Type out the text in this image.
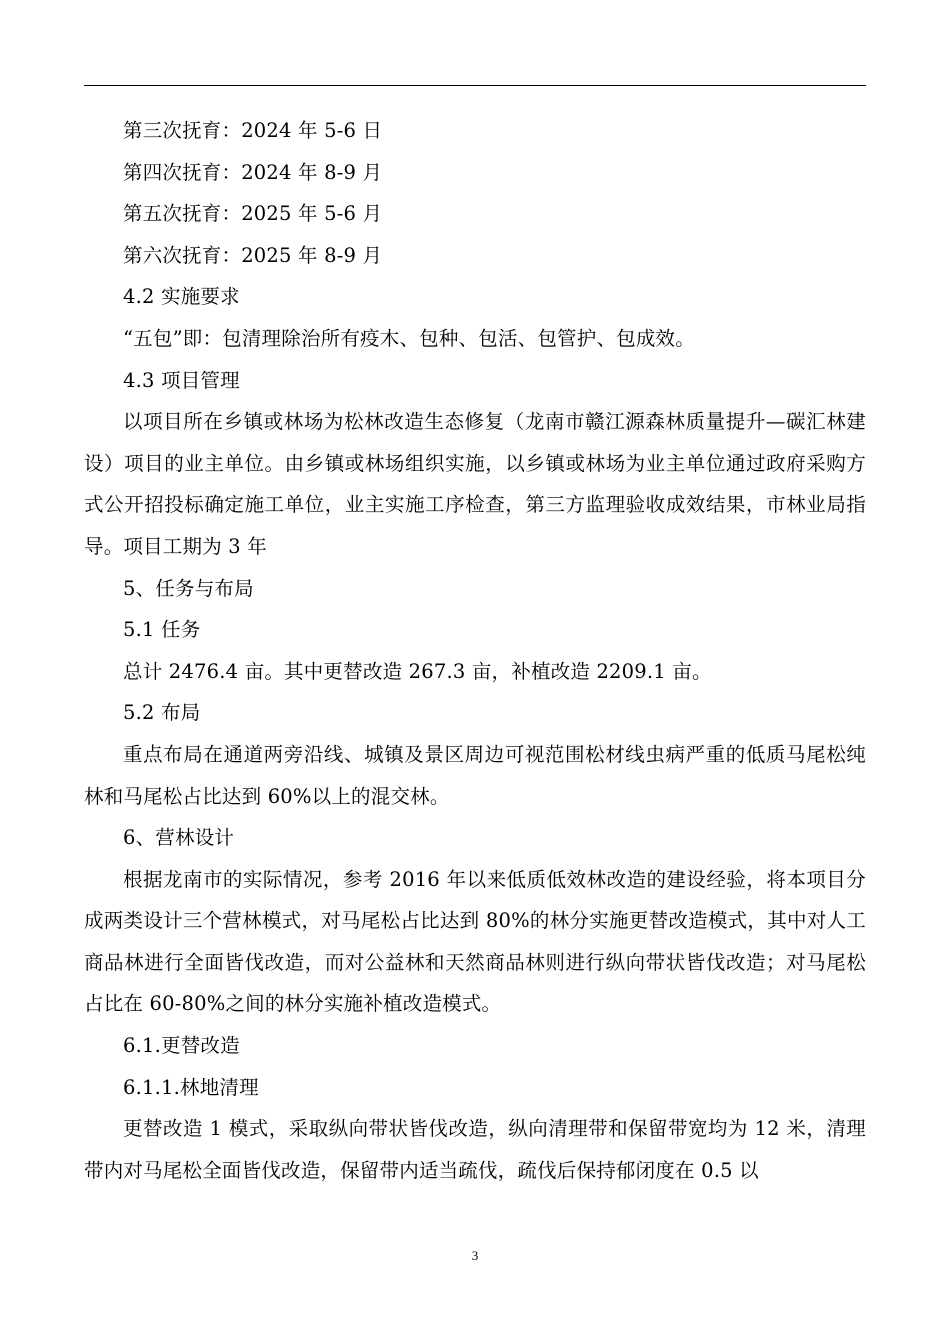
第三次抚育：2024 年 5-6 日

第四次抚育：2024 年 8-9 月

第五次抚育：2025 年 5-6 月

第六次抚育：2025 年 8-9 月

4.2 实施要求

“五包”即：包清理除治所有疫木、包种、包活、包管护、包成效。

4.3 项目管理

以项目所在乡镇或林场为松林改造生态修复（龙南市赣江源森林质量提升—碳汇林建设）项目的业主单位。由乡镇或林场组织实施，以乡镇或林场为业主单位通过政府采购方式公开招投标确定施工单位，业主实施工序检查，第三方监理验收成效结果，市林业局指导。项目工期为 3 年

5、任务与布局

5.1 任务

总计 2476.4 亩。其中更替改造 267.3 亩，补植改造 2209.1 亩。

5.2 布局

重点布局在通道两旁沿线、城镇及景区周边可视范围松材线虫病严重的低质马尾松纯林和马尾松占比达到 60%以上的混交林。

6、营林设计

根据龙南市的实际情况，参考 2016 年以来低质低效林改造的建设经验，将本项目分成两类设计三个营林模式，对马尾松占比达到 80%的林分实施更替改造模式，其中对人工商品林进行全面皆伐改造，而对公益林和天然商品林则进行纵向带状皆伐改造；对马尾松占比在 60-80%之间的林分实施补植改造模式。

6.1.更替改造

6.1.1.林地清理

更替改造 1 模式，采取纵向带状皆伐改造，纵向清理带和保留带宽均为 12 米，清理带内对马尾松全面皆伐改造，保留带内适当疏伐，疏伐后保持郁闭度在 0.5 以

3
